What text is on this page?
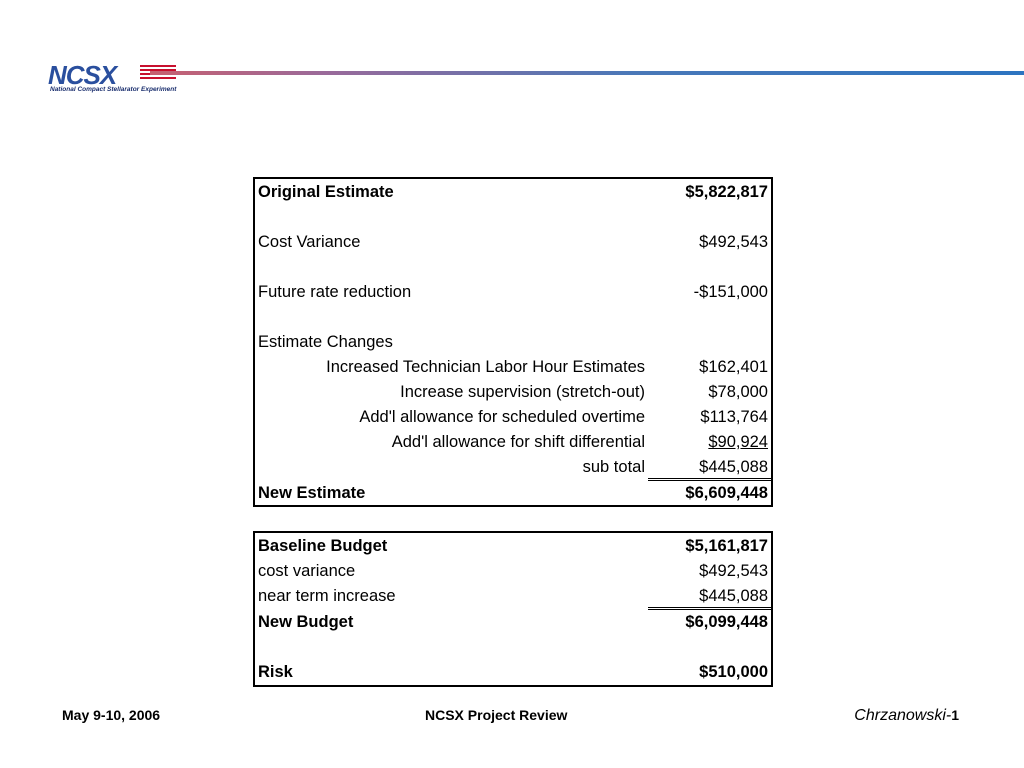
NCSX
National Compact Stellarator Experiment
Original Estimate	$5,822,817
Cost Variance	$492,543
Future rate reduction	-$151,000
Estimate Changes
Increased Technician Labor Hour Estimates	$162,401
Increase supervision (stretch-out)	$78,000
Add'l allowance for scheduled overtime	$113,764
Add'l allowance for shift differential	$90,924
sub total	$445,088
New Estimate	$6,609,448
Baseline Budget	$5,161,817
cost variance	$492,543
near term increase	$445,088
New Budget	$6,099,448
Risk	$510,000
May 9-10, 2006	NCSX Project Review	Chrzanowski-1
